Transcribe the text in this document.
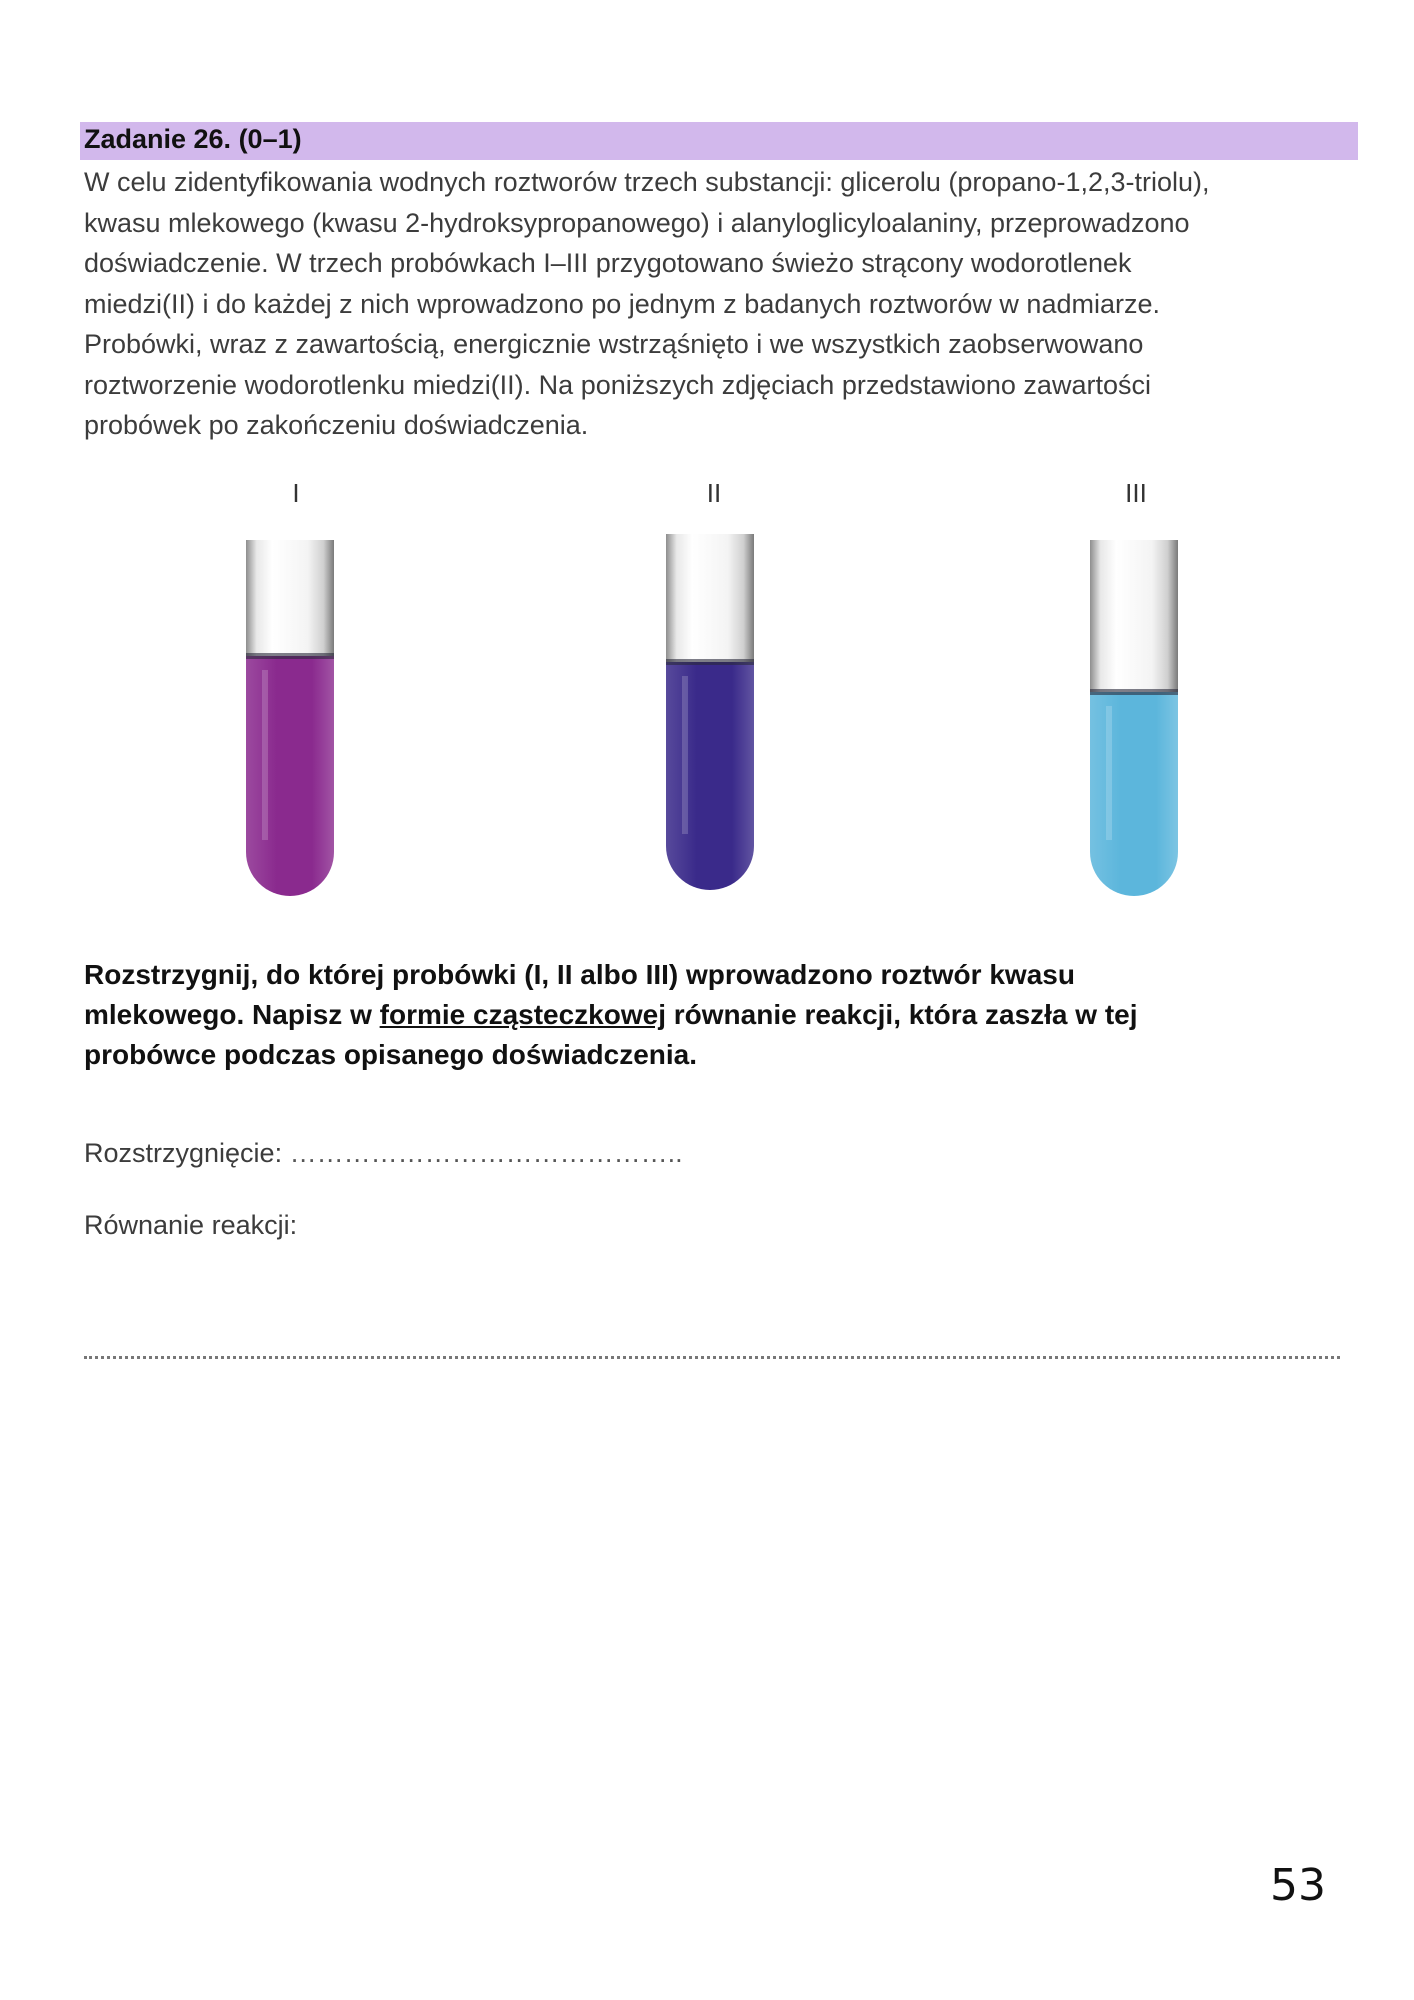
Zadanie 26. (0–1)
W celu zidentyfikowania wodnych roztworów trzech substancji: glicerolu (propano-1,2,3-triolu),
kwasu mlekowego (kwasu 2-hydroksypropanowego) i alanyloglicyloalaniny, przeprowadzono
doświadczenie. W trzech probówkach I–III przygotowano świeżo strącony wodorotlenek
miedzi(II) i do każdej z nich wprowadzono po jednym z badanych roztworów w nadmiarze.
Probówki, wraz z zawartością, energicznie wstrząśnięto i we wszystkich zaobserwowano
roztworzenie wodorotlenku miedzi(II). Na poniższych zdjęciach przedstawiono zawartości
probówek po zakończeniu doświadczenia.
I	II	III
Rozstrzygnij, do której probówki (I, II albo III) wprowadzono roztwór kwasu
mlekowego. Napisz w formie cząsteczkowej równanie reakcji, która zaszła w tej
probówce podczas opisanego doświadczenia.
Rozstrzygnięcie: ……………………………………..
Równanie reakcji:
53
